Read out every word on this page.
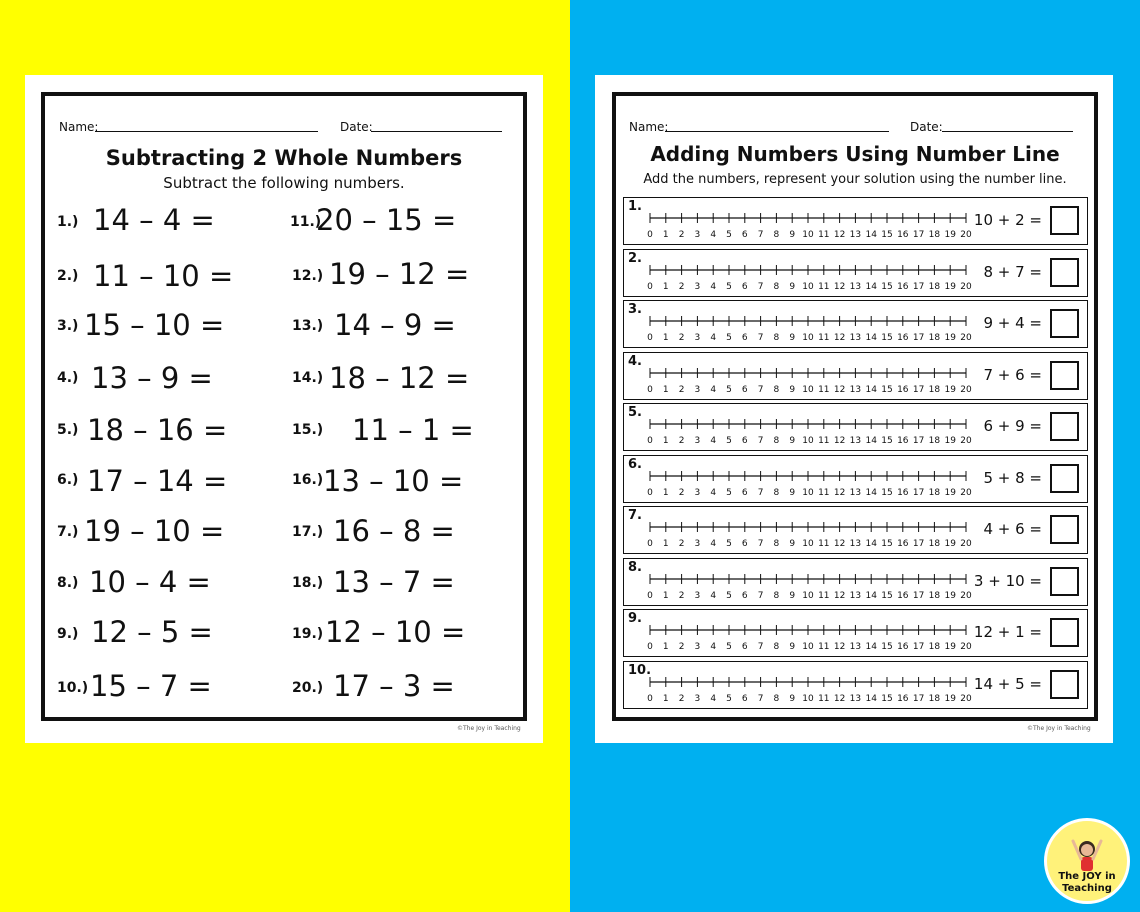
Name:	Date:
Subtracting 2 Whole Numbers
Subtract the following numbers.
1.) 14 – 4 =
2.) 11 – 10 =
3.) 15 – 10 =
4.) 13 – 9 =
5.) 18 – 16 =
6.) 17 – 14 =
7.) 19 – 10 =
8.) 10 – 4 =
9.) 12 – 5 =
10.) 15 – 7 =
11.)
20 – 15 =
12.) 19 – 12 =
13.) 14 – 9 =
14.) 18 – 12 =
15.) 11 – 1 =
16.) 13 – 10 =
17.) 16 – 8 =
18.) 13 – 7 =
19.) 12 – 10 =
20.) 17 – 3 =
©The Joy in Teaching
Name:	Date:
Adding Numbers Using Number Line
Add the numbers, represent your solution using the number line.
1.
0 1 2 3 4 5 6 7 8 9 10 11 12 13 14 15 16 17 18 19 20
10 + 2 =
2.
0 1 2 3 4 5 6 7 8 9 10 11 12 13 14 15 16 17 18 19 20
8 + 7 =
3.
0 1 2 3 4 5 6 7 8 9 10 11 12 13 14 15 16 17 18 19 20
9 + 4 =
4.
0 1 2 3 4 5 6 7 8 9 10 11 12 13 14 15 16 17 18 19 20
7 + 6 =
5.
0 1 2 3 4 5 6 7 8 9 10 11 12 13 14 15 16 17 18 19 20
6 + 9 =
6.
0 1 2 3 4 5 6 7 8 9 10 11 12 13 14 15 16 17 18 19 20
5 + 8 =
7.
0 1 2 3 4 5 6 7 8 9 10 11 12 13 14 15 16 17 18 19 20
4 + 6 =
8.
0 1 2 3 4 5 6 7 8 9 10 11 12 13 14 15 16 17 18 19 20
3 + 10 =
9.
0 1 2 3 4 5 6 7 8 9 10 11 12 13 14 15 16 17 18 19 20
12 + 1 =
10.
0 1 2 3 4 5 6 7 8 9 10 11 12 13 14 15 16 17 18 19 20
14 + 5 =
©The Joy in Teaching
The JOY in
Teaching
